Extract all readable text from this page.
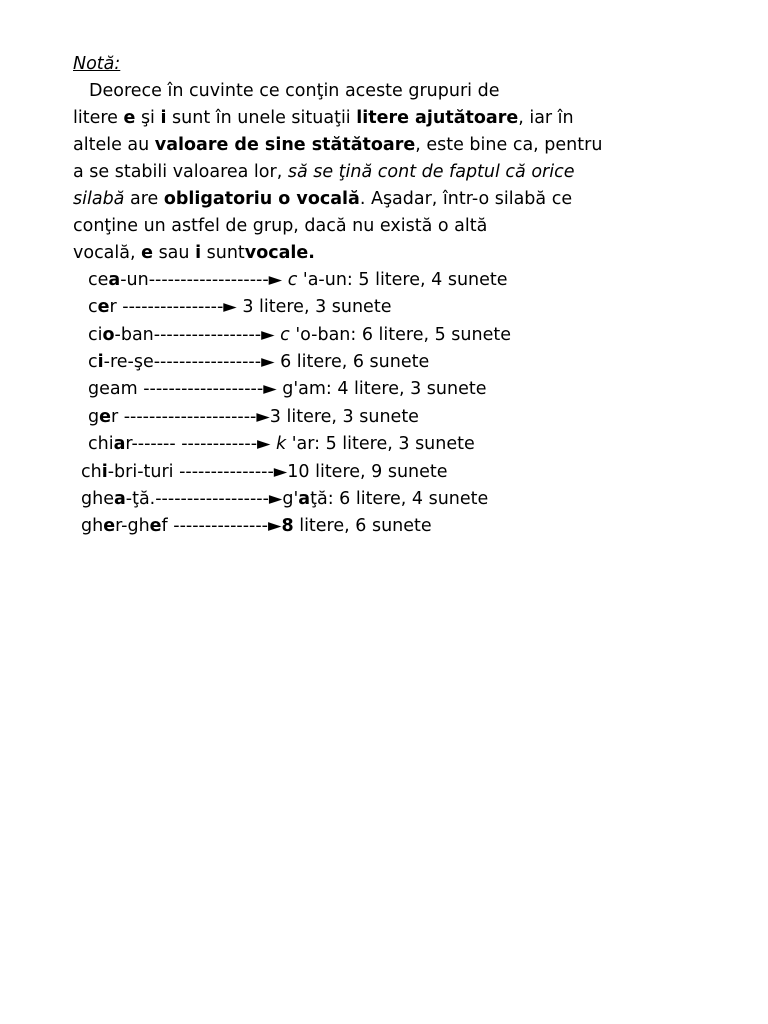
Notă:
Deorece în cuvinte ce conţin aceste grupuri de
litere e şi i sunt în unele situaţii litere ajutătoare, iar în
altele au valoare de sine stătătoare, este bine ca, pentru
a se stabili valoarea lor, să se ţină cont de faptul că orice
silabă are obligatoriu o vocală. Aşadar, într-o silabă ce
conţine un astfel de grup, dacă nu există o altă
vocală, e sau i suntvocale.
cea-un-------------------► c 'a-un: 5 litere, 4 sunete
cer ----------------► 3 litere, 3 sunete
cio-ban-----------------► c 'o-ban: 6 litere, 5 sunete
ci-re-şe-----------------► 6 litere, 6 sunete
geam -------------------► g'am: 4 litere, 3 sunete
ger ---------------------►3 litere, 3 sunete
chiar------- ------------► k 'ar: 5 litere, 3 sunete
chi-bri-turi ---------------►10 litere, 9 sunete
ghea-ţă.------------------►g'aţă: 6 litere, 4 sunete
gher-ghef ---------------►8 litere, 6 sunete
